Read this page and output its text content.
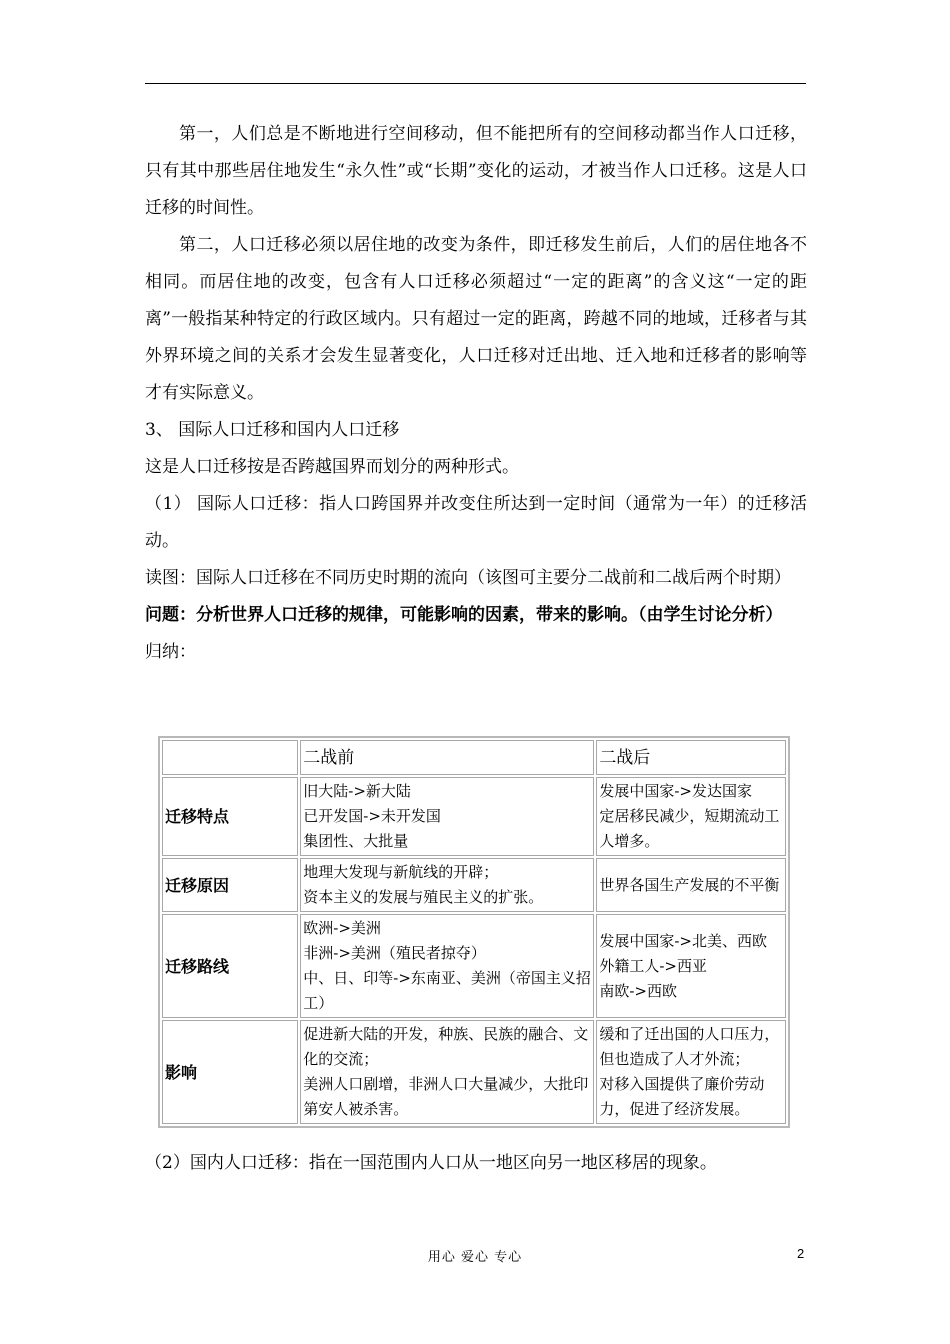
第一，人们总是不断地进行空间移动，但不能把所有的空间移动都当作人口迁移，只有其中那些居住地发生“永久性”或“长期”变化的运动，才被当作人口迁移。这是人口迁移的时间性。

第二，人口迁移必须以居住地的改变为条件，即迁移发生前后，人们的居住地各不相同。而居住地的改变，包含有人口迁移必须超过“一定的距离”的含义这“一定的距离”一般指某种特定的行政区域内。只有超过一定的距离，跨越不同的地域，迁移者与其外界环境之间的关系才会发生显著变化，人口迁移对迁出地、迁入地和迁移者的影响等才有实际意义。

3、 国际人口迁移和国内人口迁移

这是人口迁移按是否跨越国界而划分的两种形式。

（1） 国际人口迁移：指人口跨国界并改变住所达到一定时间（通常为一年）的迁移活动。

读图：国际人口迁移在不同历史时期的流向（该图可主要分二战前和二战后两个时期）

问题：分析世界人口迁移的规律，可能影响的因素，带来的影响。（由学生讨论分析）

归纳：

	二战前	二战后
迁移特点	旧大陆->新大陆
已开发国->未开发国
集团性、大批量	发展中国家->发达国家
定居移民减少，短期流动工人增多。

迁移原因	地理大发现与新航线的开辟；
资本主义的发展与殖民主义的扩张。	世界各国生产发展的不平衡

迁移路线	欧洲->美洲
非洲->美洲（殖民者掠夺）
中、日、印等->东南亚、美洲（帝国主义招工）	发展中国家->北美、西欧
外籍工人->西亚
南欧->西欧

影响	促进新大陆的开发，种族、民族的融合、文化的交流；
美洲人口剧增，非洲人口大量减少，大批印第安人被杀害。	缓和了迁出国的人口压力，但也造成了人才外流；
对移入国提供了廉价劳动力，促进了经济发展。

（2）国内人口迁移：指在一国范围内人口从一地区向另一地区移居的现象。

用心 爱心 专心	2
